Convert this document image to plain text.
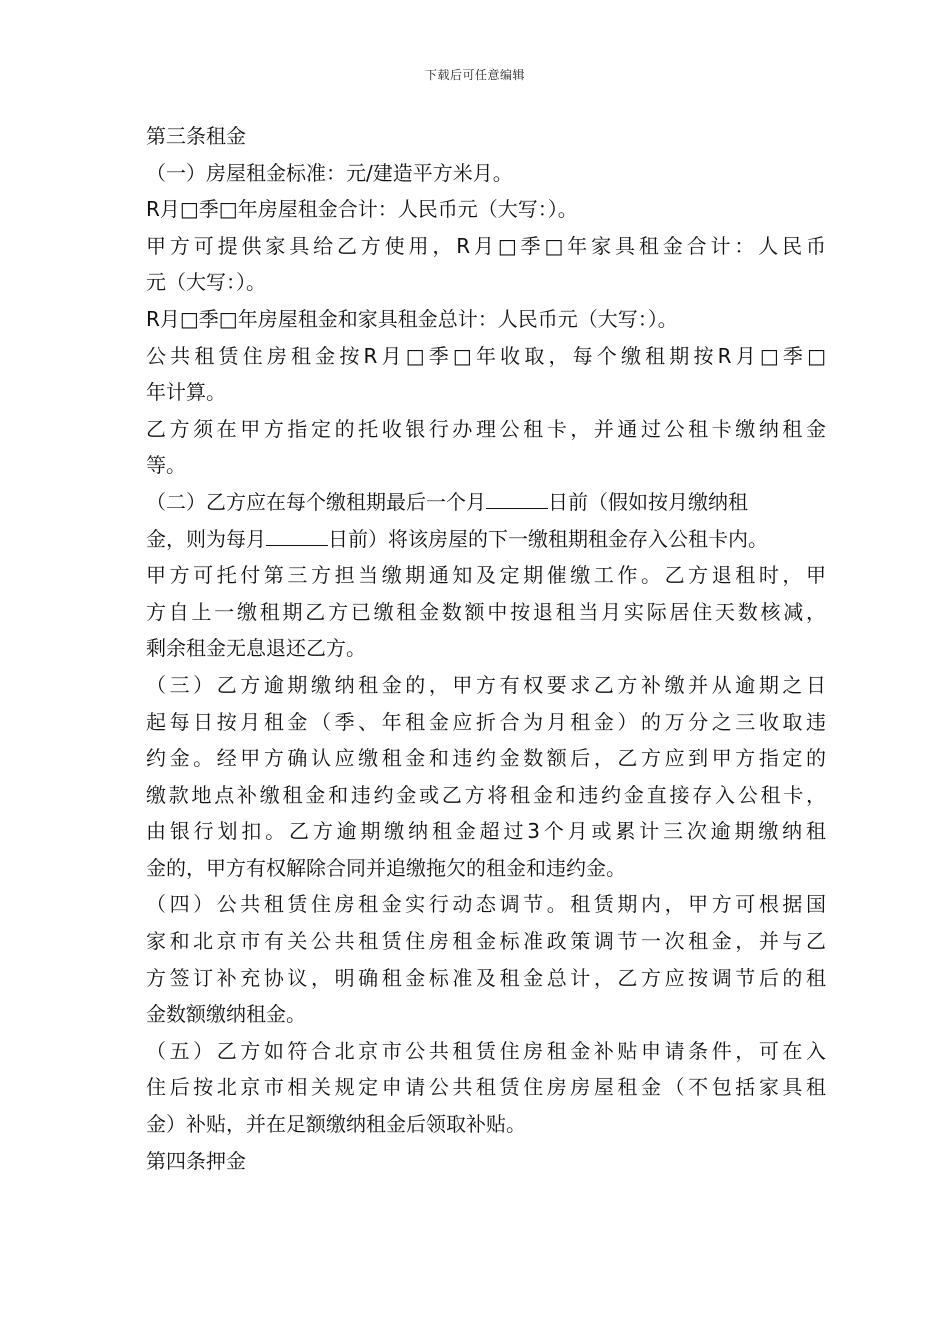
下载后可任意编辑
第三条租金
（一）房屋租金标准：元/建造平方米月。
R月□季□年房屋租金合计：人民币元（大写：）。
甲方可提供家具给乙方使用，R月□季□年家具租金合计：人民币
元（大写：）。
R月□季□年房屋租金和家具租金总计：人民币元（大写：）。
公共租赁住房租金按R月□季□年收取，每个缴租期按R月□季□
年计算。
乙方须在甲方指定的托收银行办理公租卡，并通过公租卡缴纳租金
等。
（二）乙方应在每个缴租期最后一个月	日前（假如按月缴纳租
金，则为每月	日前）将该房屋的下一缴租期租金存入公租卡内。
甲方可托付第三方担当缴期通知及定期催缴工作。乙方退租时，甲
方自上一缴租期乙方已缴租金数额中按退租当月实际居住天数核减，
剩余租金无息退还乙方。
（三）乙方逾期缴纳租金的，甲方有权要求乙方补缴并从逾期之日
起每日按月租金（季、年租金应折合为月租金）的万分之三收取违
约金。经甲方确认应缴租金和违约金数额后，乙方应到甲方指定的
缴款地点补缴租金和违约金或乙方将租金和违约金直接存入公租卡，
由银行划扣。乙方逾期缴纳租金超过3个月或累计三次逾期缴纳租
金的，甲方有权解除合同并追缴拖欠的租金和违约金。
（四）公共租赁住房租金实行动态调节。租赁期内，甲方可根据国
家和北京市有关公共租赁住房租金标准政策调节一次租金，并与乙
方签订补充协议，明确租金标准及租金总计，乙方应按调节后的租
金数额缴纳租金。
（五）乙方如符合北京市公共租赁住房租金补贴申请条件，可在入
住后按北京市相关规定申请公共租赁住房房屋租金（不包括家具租
金）补贴，并在足额缴纳租金后领取补贴。
第四条押金
